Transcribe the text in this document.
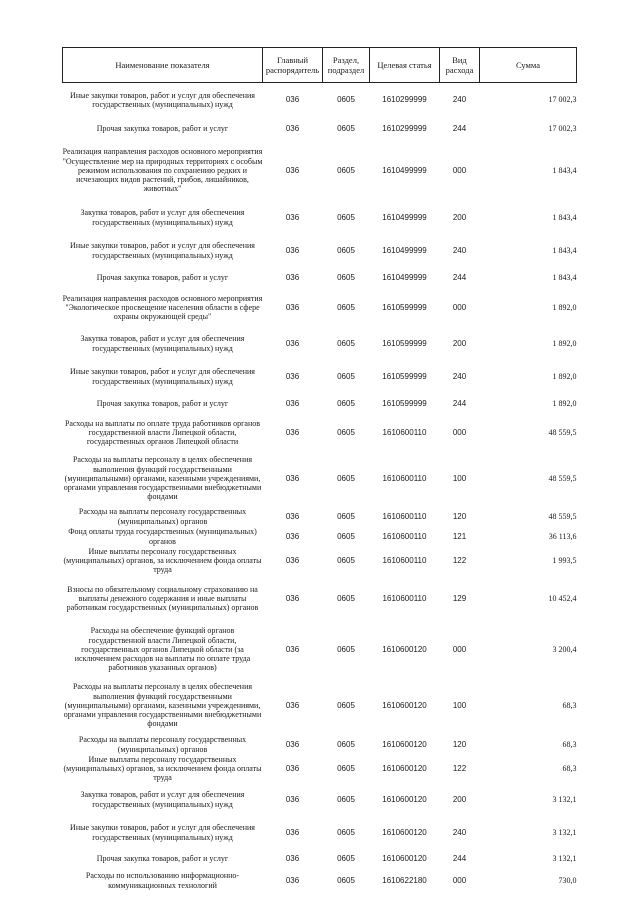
Наименование показателя	Главный распорядитель	Раздел, подраздел	Целевая статья	Вид расхода	Сумма
Иные закупки товаров, работ и услуг для обеспечения государственных (муниципальных) нужд	036	0605	1610299999	240	17 002,3
Прочая закупка товаров, работ и услуг	036	0605	1610299999	244	17 002,3
Реализация направления расходов основного мероприятия "Осуществление мер на природных территориях с особым режимом использования по сохранению редких и исчезающих видов растений, грибов, лишайников, животных"	036	0605	1610499999	000	1 843,4
Закупка товаров, работ и услуг для обеспечения государственных (муниципальных) нужд	036	0605	1610499999	200	1 843,4
Иные закупки товаров, работ и услуг для обеспечения государственных (муниципальных) нужд	036	0605	1610499999	240	1 843,4
Прочая закупка товаров, работ и услуг	036	0605	1610499999	244	1 843,4
Реализация направления расходов основного мероприятия "Экологическое просвещение населения области в сфере охраны окружающей среды"	036	0605	1610599999	000	1 892,0
Закупка товаров, работ и услуг для обеспечения государственных (муниципальных) нужд	036	0605	1610599999	200	1 892,0
Иные закупки товаров, работ и услуг для обеспечения государственных (муниципальных) нужд	036	0605	1610599999	240	1 892,0
Прочая закупка товаров, работ и услуг	036	0605	1610599999	244	1 892,0
Расходы на выплаты по оплате труда работников органов государственной власти Липецкой области, государственных органов Липецкой области	036	0605	1610600110	000	48 559,5
Расходы на выплаты персоналу в целях обеспечения выполнения функций государственными (муниципальными) органами, казенными учреждениями, органами управления государственными внебюджетными фондами	036	0605	1610600110	100	48 559,5
Расходы на выплаты персоналу государственных (муниципальных) органов	036	0605	1610600110	120	48 559,5
Фонд оплаты труда государственных (муниципальных) органов	036	0605	1610600110	121	36 113,6
Иные выплаты персоналу государственных (муниципальных) органов, за исключением фонда оплаты труда	036	0605	1610600110	122	1 993,5
Взносы по обязательному социальному страхованию на выплаты денежного содержания и иные выплаты работникам государственных (муниципальных) органов	036	0605	1610600110	129	10 452,4
Расходы на обеспечение функций органов государственной власти Липецкой области, государственных органов Липецкой области (за исключением расходов на выплаты по оплате труда работников указанных органов)	036	0605	1610600120	000	3 200,4
Расходы на выплаты персоналу в целях обеспечения выполнения функций государственными (муниципальными) органами, казенными учреждениями, органами управления государственными внебюджетными фондами	036	0605	1610600120	100	68,3
Расходы на выплаты персоналу государственных (муниципальных) органов	036	0605	1610600120	120	68,3
Иные выплаты персоналу государственных (муниципальных) органов, за исключением фонда оплаты труда	036	0605	1610600120	122	68,3
Закупка товаров, работ и услуг для обеспечения государственных (муниципальных) нужд	036	0605	1610600120	200	3 132,1
Иные закупки товаров, работ и услуг для обеспечения государственных (муниципальных) нужд	036	0605	1610600120	240	3 132,1
Прочая закупка товаров, работ и услуг	036	0605	1610600120	244	3 132,1
Расходы по использованию информационно-коммуникационных технологий	036	0605	1610622180	000	730,0
